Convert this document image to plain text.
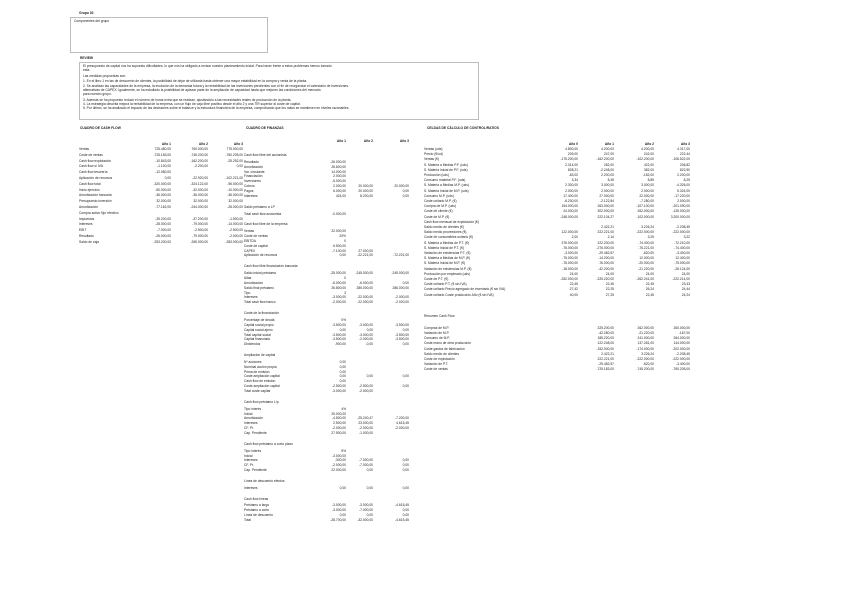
Grupo 30
Componentes del grupo
REVIEW
El presupuesto de capital nos ha supuesto dificultades, lo que nos ha obligado a revisar nuestro planteamiento inicial. Para hacer frente a estos problemas hemos tomado
esta.
Las medidas propuestas son:
1. En el libro 1 en las de descuento de clientes, la posibilidad de dejar de utilizarla hasta obtener una mayor estabilidad en la compra y venta de la planta.
2. Se analizan las capacidades de la empresa, la evolución de la demanda futura y la rentabilidad de las inversiones pendientes con el fin de reorganizar el calendario de inversiones.
alternativas de CAPEX. Igualmente, se ha estudiado la posibilidad de aplazar parte de la ampliación de capacidad hasta que mejoren las condiciones del mercado.
para nuestro grupo.
3. Además se ha propuesto reducir el número de horas extra que se realizan, ajustándolo a las necesidades reales de producción de la planta.
4. La estrategia descrita mejora la rentabilidad de la empresa, con un flujo de caja libre positivo desde el año 2 y una TIR superior al coste de capital.
5. Por último, se ha analizado el impacto de las decisiones sobre el balance y la estructura financiera de la empresa, comprobando que los ratios se mantienen en niveles razonables.
CUADRO DE CASH FLOW	CUADRO DE FINANZAS	CELDAS DE CÁLCULO DE CONTROL/RATIOS
Año 1	Año 2	Año 3
Ventas	725.480,00	760.000,00	775.000,00
Coste de ventas	-725.183,00	-745.200,00	-760.205,00
Cash flow explotación	-10.843,00	-162.200,00	-25.252,00
Cash flow s/ IVA	-1.100,00	-2.200,00	0,00
Cash flow tesorería	-12.080,00
Aplicación de recursos	0,00	-22.920,00	-102.221,00
Cash flow total	-320.000,00	-324.122,00	-96.000,00
Inicio ejercicio	-50.000,00	-32.000,00	-10.000,00
Amortización bancaria	-36.000,00	-36.000,00	-36.000,00
Presupuesto inversión	32.000,00	32.000,00	32.000,00
Amortización	-77.162,00	-244.000,00	-26.000,00
Compra activo fijo/ efectivo
Impuestos	-25.200,00	-37.200,00	-1.500,00
Intereses	-28.000,00	-79.000,00	-14.000,00
EBIT	-7.000,00	-2.500,00	-2.500,00
Resultado	-26.000,00	-79.000,00	-2.000,00
Saldo de caja	-253.200,00	-265.000,00	-283.000,00
Año 1	Año 2	Año 3
Cash flow libre del accionista
Resultado	-26.000,00
Amortización	28.600,00
Var. circulante	14.000,00
Financiación	2.000,00
Inversiones	-5.000,00
Cobros	2.000,00	20.000,00	20.000,00
Pagos	6.000,00	20.000,00	0,00
Intereses	424,00	8.200,00	0,00
Saldo préstamo a LP
Total cash flow accionista	-0.000,00
Cash flow libre de la empresa
Ventas	22.000,00
Coste de ventas	20%
EBITDA	0
Coste de capital	6.500,00
CAPEX	-7.100,00	27.000,00
Aplicación de recursos	0,00	-22.221,00	-72.221,00
Cash flow libre financiación bancaria
Saldo inicial préstamo	-25.000,00	-245.000,00	-245.000,00
Altas	0
Amortización	-6.000,00	-6.000,00	0,00
Saldo final préstamo	26.800,00	285.000,00	286.000,00
Tipo	3
Intereses	-3.000,00	-22.000,00	-2.000,00
Total cash flow banco	-2.000,00	-22.000,00	-2.020,00
Coste de la financiación
Porcentaje de deuda	0%
Capital social propio	-3.500,00	-3.000,00	-3.500,00
Capital social ajeno	0,00	0,00	0,00
Total capital social	-3.500,00	-3.000,00	-3.500,00
Capital financiado	-3.500,00	-2.000,00	-3.500,00
Dividendos	-900,00	-0,00	0,00
Ampliación de capital
Nº acciones	0,00
Nominal acción propia	0,00
Prima de emisión	0,00
Coste ampliación capital	0,00	0,00	0,00
Cash flow de emisión	0,00
Coste ampliación capital	-2.500,00	-2.500,00	0,00
Total coste capital	-3.000,00	-2.000,00
Cash flow préstamo L/p
Tipo interés	4%
Inicial	25.000,00
Amortización	-4.500,00	-25.240,47	-7.200,00
Intereses	2.500,00	23.000,00	4.615,45
CF. Pr.	-2.000,00	-2.000,00	-2.000,00
Cap. Pendiente	27.500,00	-1.000,00
Cash flow préstamo a corto plazo
Tipo interés	5%
Inicial	-3.000,00
Intereses	-300,00	-7.000,00	0,00
CF. Pr.	-2.000,00	-7.000,00	0,00
Cap. Pendiente	22.000,00	0,00	0,00
Línea de descuento efectos
Intereses	0,00	0,00	0,00
Cash flow líneas
Préstamo a largo	-3.000,00	-3.000,00	-4.615,45
Préstamo a corto	-3.000,00	-7.000,00	0,00
Línea de descuento	0,00	0,00	0,00
Total	-28.700,00	-32.000,00	-4.615,45
Año 0	Año 1	Año 2	Año 3
Ventas (uds)	4.800,00	4.200,00	4.200,00	4.317,00
Precio (€/ud)	209,00	247,00	242,00	222,44
Ventas (€)	-175.200,00	-162.200,00	-102.200,00	-106.522,00
S. Materia a Medias P.F. (uds)	2.314,00	282,00	422,00	206,82
S. Materia Inicial de P.F. (uds)	828,21	-2.248,00	382,00	822,50
Producción (uds)	-83,00	2.200,00	-182,00	2.200,00
Consumo material P.F. (uds)	3,34	8,45	8,85	8,25
S. Materia a Medias M.P. (uds)	2.300,00	3.000,00	3.000,00	-4.326,00
S. Materia Inicial de M.P. (uds)	2.000,00	2.000,00	2.000,00	5.324,00
Consumo M.P. (uds)	17.400,00	27.000,00	22.000,00	-17.220,00
Coste unitario M.P. (€)	-6.200,00	-2.122,84	-7.280,00	2.000,00
Compra de M.P. (uds)	154.000,00	263.000,00	-107.100,00	-201.090,00
Coste de cliente (€)	24.000,00	302.000,00	262.000,00	-125.000,00
Coste de M.P. (€)	-248.000,00	222.104,27	-102.000,00	3.200.000,00
Cash flow mensual de explotación (€)
Saldo medio de clientes (€)	2.422,21	3.226,24	-2.208,45
Saldo medio proveedores (€)	122.000,00	222.221,00	-222.000,00	-222.000,00
Coste de consumibles unitario (€)	2,00	2,14	3,25	3,22
S. Materia a Medias de P.T. (€)	376.000,00	222.200,00	-74.400,00	-72.210,00
S. Materia Inicial de P.T. (€)	-76.000,00	-276.000,00	-75.221,00	-74.400,00
Variación de existencias P.T. (€)	-3.000,00	-29.482,57	-620,00	-3.400,00
S. Materia a Medias de M.P. (€)	-75.000,00	-14.200,00	12.000,00	12.400,00
S. Materia Inicial de M.P. (€)	-76.000,00	-76.000,00	-20.000,00	-75.000,00
Variación de existencias M.P. (€)	-18.000,00	-42.200,00	-21.220,00	-26.124,00
Producción por empleado (uds)	24,00	24,00	24,00	24,00
Coste de P.T. (€)	-252.000,00	-225.220,00	-262.241,00	-222.214,00
Coste unitario P.T. (€ sin IVA)	22,45	22,45	22,45	23,43
Coste unitario Precio agregado de inventario (€ sin IVA)	27,42	22,25	26,24	24,44
Coste unitario Coste producción Año (€ sin IVA)	40,00	27,25	22,45	24,24
Resumen Cash Flow
Compras de M.P.	225.200,00	262.000,00	260.000,00
Variación de M.P.	-42.280,00	-21.220,00	-167,00
Consumo de M.P.	185.220,00	241.000,00	264.000,00
Coste mano de obra producción	122.248,00	137.281,00	144.000,00
Coste gastos de fabricación	-152.000,00	-174.000,00	-202.000,00
Saldo medio de clientes	2.422,21	3.226,24	-2.208,45
Coste de explotación	222.221,00	-222.000,00	-222.000,00
Variación de P.T.	-29.482,57	-620,00	-3.400,00
Coste de ventas	-725.183,00	-745.200,00	-760.205,00
